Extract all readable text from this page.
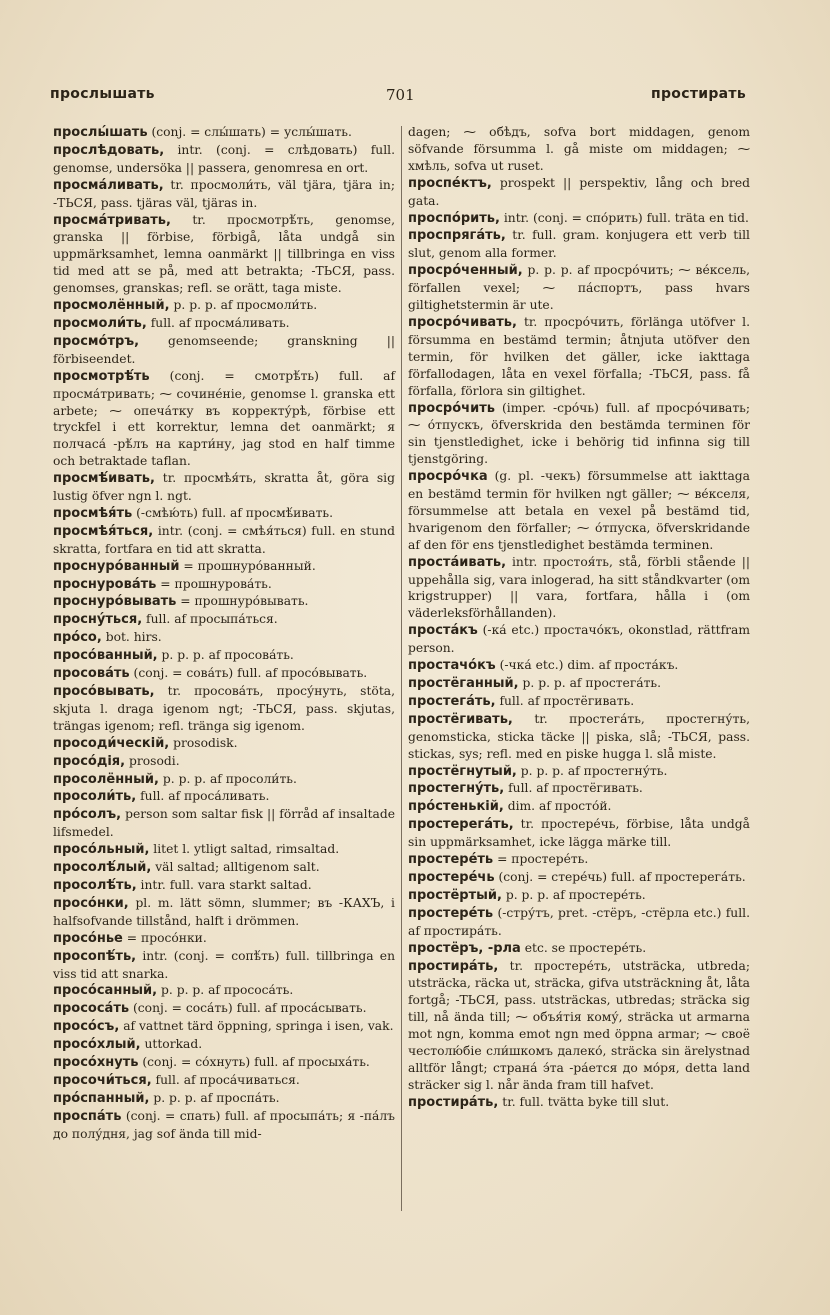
прослышать	701	простирать

прослы́шать (conj. = слы́шать) = услы́шать.

прослѣдовать, intr. (conj. = слѣдовать) full. genomse, undersöka || passera, genomresa en ort.

просма́ливать, tr. просмоли́ть, väl tjära, tjära in; -ТЬСЯ, pass. tjäras väl, tjäras in.

просма́тривать, tr. просмотрѣ́ть, genomse, granska || förbise, förbigå, låta undgå sin uppmärksamhet, lemna oanmärkt || tillbringa en viss tid med att se på, med att betrakta; -ТЬСЯ, pass. genomses, granskas; refl. se orätt, taga miste.

просмолённый, p. p. p. af просмоли́ть.

просмоли́ть, full. af просма́ливать.

просмо́тръ, genomseende; granskning || förbiseendet.

просмотрѣ́ть (conj. = смотрѣ́ть) full. af просма́тривать; ⁓ сочине́ніе, genomse l. granska ett arbete; ⁓ опеча́тку въ корректу́рѣ, förbise ett tryckfel i ett korrektur, lemna det oanmärkt; я полчаса́ -рѣ́лъ на карти́ну, jag stod en half timme och betraktade taflan.

просмѣ́ивать, tr. просмѣя́ть, skratta åt, göra sig lustig öfver ngn l. ngt.

просмѣя́ть (-смѣю́ть) full. af просмѣ́ивать.

просмѣя́ться, intr. (conj. = смѣя́ться) full. en stund skratta, fortfara en tid att skratta.

проснуро́ванный = прошнуро́ванный.

проснурова́ть = прошнурова́ть.

проснуро́вывать = прошнуро́вывать.

просну́ться, full. af просыпа́ться.

про́со, bot. hirs.

просо́ванный, p. p. p. af просова́ть.

просова́ть (conj. = сова́ть) full. af просо́вывать.

просо́вывать, tr. просова́ть, просу́нуть, stöta, skjuta l. draga igenom ngt; -ТЬСЯ, pass. skjutas, trängas igenom; refl. tränga sig igenom.

просоди́ческій, prosodisk.

просо́дія, prosodi.

просолённый, p. p. p. af просоли́ть.

просоли́ть, full. af проса́ливать.

про́солъ, person som saltar fisk || förråd af insaltade lifsmedel.

просо́льный, litet l. ytligt saltad, rimsaltad.

просолѣ́лый, väl saltad; alltigenom salt.

просолѣ́ть, intr. full. vara starkt saltad.

просо́нки, pl. m. lätt sömn, slummer; въ -КАХЪ, i halfsofvande tillstånd, halft i drömmen.

просо́нье = просо́нки.

просопѣ́ть, intr. (conj. = сопѣ́ть) full. tillbringa en viss tid att snarka.

просо́санный, p. p. p. af прососа́ть.

прососа́ть (conj. = соса́ть) full. af проса́сывать.

просо́съ, af vattnet tärd öppning, springa i isen, vak.

просо́хлый, uttorkad.

просо́хнуть (conj. = со́хнуть) full. af просыха́ть.

просочи́ться, full. af проса́чиваться.

про́спанный, p. p. p. af проспа́ть.

проспа́ть (conj. = спать) full. af просыпа́ть; я -па́лъ до полу́дня, jag sof ända till mid-

dagen; ⁓ обѣдъ, sofva bort middagen, genom söfvande försumma l. gå miste om middagen; ⁓ хмѣль, sofva ut ruset.

проспе́ктъ, prospekt || perspektiv, lång och bred gata.

проспо́рить, intr. (conj. = спо́рить) full. träta en tid.

проспряга́ть, tr. full. gram. konjugera ett verb till slut, genom alla former.

просро́ченный, p. p. p. af просро́чить; ⁓ ве́ксель, förfallen vexel; ⁓ па́спортъ, pass hvars giltighetstermin är ute.

просро́чивать, tr. просро́чить, förlänga utöfver l. försumma en bestämd termin; åtnjuta utöfver den termin, för hvilken det gäller, icke iakttaga förfallodagen, låta en vexel förfalla; -ТЬСЯ, pass. få förfalla, förlora sin giltighet.

просро́чить (imper. -сро́чь) full. af просро́чивать; ⁓ о́тпускъ, öfverskrida den bestämda terminen för sin tjenstledighet, icke i behörig tid infinna sig till tjenstgöring.

просро́чка (g. pl. -чекъ) försummelse att iakttaga en bestämd termin för hvilken ngt gäller; ⁓ ве́кселя, försummelse att betala en vexel på bestämd tid, hvarigenom den förfaller; ⁓ о́тпуска, öfverskridande af den för ens tjenstledighet bestämda terminen.

проста́ивать, intr. простоя́ть, stå, förbli stående || uppehålla sig, vara inlogerad, ha sitt ståndkvarter (om krigstrupper) || vara, fortfara, hålla i (om väderleksförhållanden).

проста́къ (-ка́ etc.) простачо́къ, okonstlad, rättfram person.

простачо́къ (-чка́ etc.) dim. af проста́къ.

простёганный, p. p. p. af простега́ть.

простега́ть, full. af простёгивать.

простёгивать, tr. простега́ть, простегну́ть, genomsticka, sticka täcke || piska, slå; -ТЬСЯ, pass. stickas, sys; refl. med en piske hugga l. slå miste.

простёгнутый, p. p. p. af простегну́ть.

простегну́ть, full. af простёгивать.

про́стенькій, dim. af просто́й.

простерега́ть, tr. простере́чь, förbise, låta undgå sin uppmärksamhet, icke lägga märke till.

простере́ть = простере́ть.

простере́чь (conj. = стере́чь) full. af простерега́ть.

простёртый, p. p. p. af простере́ть.

простере́ть (-стру́тъ, pret. -стёръ, -стёрла etc.) full. af простира́ть.

простёръ, -рла etc. se простере́ть.

простира́ть, tr. простере́ть, utsträcka, utbreda; utsträcka, räcka ut, sträcka, gifva utsträckning åt, låta fortgå; -ТЬСЯ, pass. utsträckas, utbredas; sträcka sig till, nå ända till; ⁓ объя́тія кому́, sträcka ut armarna mot ngn, komma emot ngn med öppna armar; ⁓ своё честолю́біе сли́шкомъ далеко́, sträcka sin ärelystnad alltför långt; страна́ э́та -ра́ется до мо́ря, detta land sträcker sig l. når ända fram till hafvet.

простира́ть, tr. full. tvätta byke till slut.
